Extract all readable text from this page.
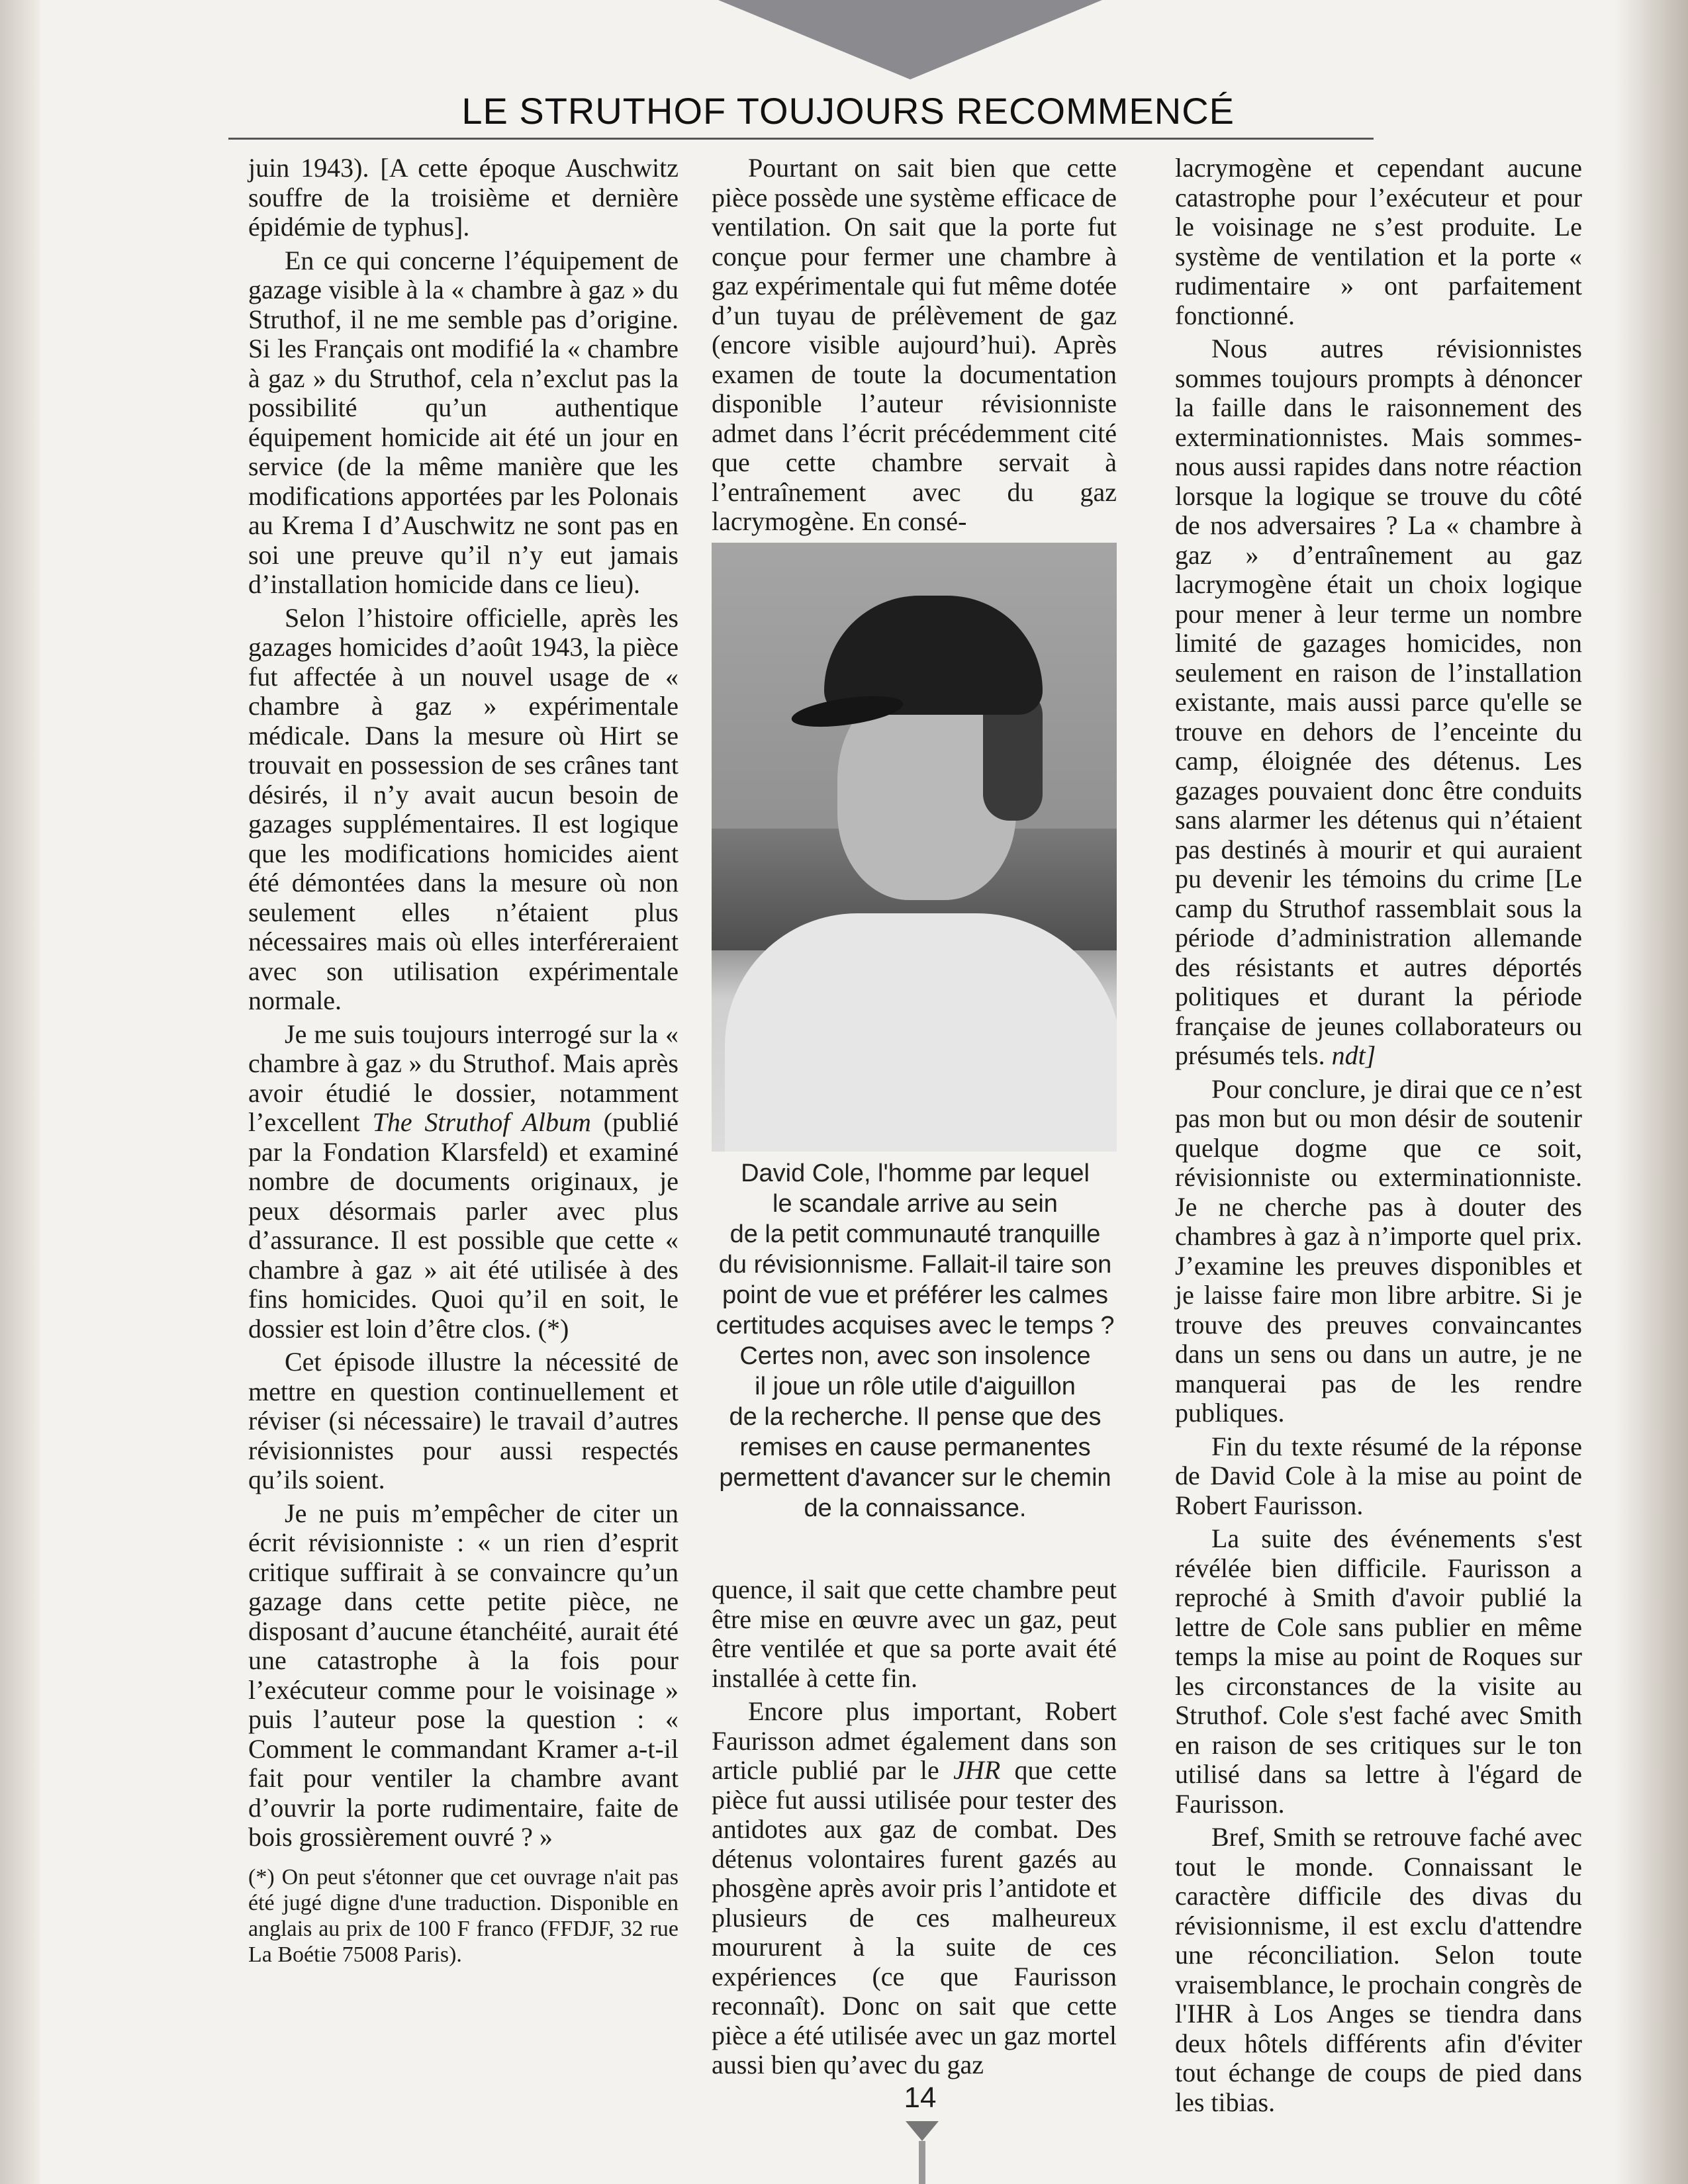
LE STRUTHOF TOUJOURS RECOMMENCÉ

juin 1943). [A cette époque Auschwitz souffre de la troisième et dernière épidémie de typhus].

En ce qui concerne l’équipement de gazage visible à la « chambre à gaz » du Struthof, il ne me semble pas d’origine. Si les Français ont modifié la « chambre à gaz » du Struthof, cela n’exclut pas la possibilité qu’un authentique équipement homicide ait été un jour en service (de la même manière que les modifications apportées par les Polonais au Krema I d’Auschwitz ne sont pas en soi une preuve qu’il n’y eut jamais d’installation homicide dans ce lieu).

Selon l’histoire officielle, après les gazages homicides d’août 1943, la pièce fut affectée à un nouvel usage de « chambre à gaz » expérimentale médicale. Dans la mesure où Hirt se trouvait en possession de ses crânes tant désirés, il n’y avait aucun besoin de gazages supplémentaires. Il est logique que les modifications homicides aient été démontées dans la mesure où non seulement elles n’étaient plus nécessaires mais où elles interféreraient avec son utilisation expérimentale normale.

Je me suis toujours interrogé sur la « chambre à gaz » du Struthof. Mais après avoir étudié le dossier, notamment l’excellent The Struthof Album (publié par la Fondation Klarsfeld) et examiné nombre de documents originaux, je peux désormais parler avec plus d’assurance. Il est possible que cette « chambre à gaz » ait été utilisée à des fins homicides. Quoi qu’il en soit, le dossier est loin d’être clos. (*)

Cet épisode illustre la nécessité de mettre en question continuellement et réviser (si nécessaire) le travail d’autres révisionnistes pour aussi respectés qu’ils soient.

Je ne puis m’empêcher de citer un écrit révisionniste : « un rien d’esprit critique suffirait à se convaincre qu’un gazage dans cette petite pièce, ne disposant d’aucune étanchéité, aurait été une catastrophe à la fois pour l’exécuteur comme pour le voisinage » puis l’auteur pose la question : « Comment le commandant Kramer a-t-il fait pour ventiler la chambre avant d’ouvrir la porte rudimentaire, faite de bois grossièrement ouvré ? »

(*) On peut s'étonner que cet ouvrage n'ait pas été jugé digne d'une traduction. Disponible en anglais au prix de 100 F franco (FFDJF, 32 rue La Boétie 75008 Paris).

Pourtant on sait bien que cette pièce possède une système efficace de ventilation. On sait que la porte fut conçue pour fermer une chambre à gaz expérimentale qui fut même dotée d’un tuyau de prélèvement de gaz (encore visible aujourd’hui). Après examen de toute la documentation disponible l’auteur révisionniste admet dans l’écrit précédemment cité que cette chambre servait à l’entraînement avec du gaz lacrymogène. En consé-

David Cole, l'homme par lequel
le scandale arrive au sein
de la petit communauté tranquille
du révisionnisme. Fallait-il taire son
point de vue et préférer les calmes
certitudes acquises avec le temps ?
Certes non, avec son insolence
il joue un rôle utile d'aiguillon
de la recherche. Il pense que des
remises en cause permanentes
permettent d'avancer sur le chemin
de la connaissance.

quence, il sait que cette chambre peut être mise en œuvre avec un gaz, peut être ventilée et que sa porte avait été installée à cette fin.

Encore plus important, Robert Faurisson admet également dans son article publié par le JHR que cette pièce fut aussi utilisée pour tester des antidotes aux gaz de combat. Des détenus volontaires furent gazés au phosgène après avoir pris l’antidote et plusieurs de ces malheureux moururent à la suite de ces expériences (ce que Faurisson reconnaît). Donc on sait que cette pièce a été utilisée avec un gaz mortel aussi bien qu’avec du gaz

lacrymogène et cependant aucune catastrophe pour l’exécuteur et pour le voisinage ne s’est produite. Le système de ventilation et la porte « rudimentaire » ont parfaitement fonctionné.

Nous autres révisionnistes sommes toujours prompts à dénoncer la faille dans le raisonnement des exterminationnistes. Mais sommes-nous aussi rapides dans notre réaction lorsque la logique se trouve du côté de nos adversaires ? La « chambre à gaz » d’entraînement au gaz lacrymogène était un choix logique pour mener à leur terme un nombre limité de gazages homicides, non seulement en raison de l’installation existante, mais aussi parce qu'elle se trouve en dehors de l’enceinte du camp, éloignée des détenus. Les gazages pouvaient donc être conduits sans alarmer les détenus qui n’étaient pas destinés à mourir et qui auraient pu devenir les témoins du crime [Le camp du Struthof rassemblait sous la période d’administration allemande des résistants et autres déportés politiques et durant la période française de jeunes collaborateurs ou présumés tels. ndt]

Pour conclure, je dirai que ce n’est pas mon but ou mon désir de soutenir quelque dogme que ce soit, révisionniste ou exterminationniste. Je ne cherche pas à douter des chambres à gaz à n’importe quel prix. J’examine les preuves disponibles et je laisse faire mon libre arbitre. Si je trouve des preuves convaincantes dans un sens ou dans un autre, je ne manquerai pas de les rendre publiques.

Fin du texte résumé de la réponse de David Cole à la mise au point de Robert Faurisson.

La suite des événements s'est révélée bien difficile. Faurisson a reproché à Smith d'avoir publié la lettre de Cole sans publier en même temps la mise au point de Roques sur les circonstances de la visite au Struthof. Cole s'est faché avec Smith en raison de ses critiques sur le ton utilisé dans sa lettre à l'égard de Faurisson.

Bref, Smith se retrouve faché avec tout le monde. Connaissant le caractère difficile des divas du révisionnisme, il est exclu d'attendre une réconciliation. Selon toute vraisemblance, le prochain congrès de l'IHR à Los Anges se tiendra dans deux hôtels différents afin d'éviter tout échange de coups de pied dans les tibias.

14
